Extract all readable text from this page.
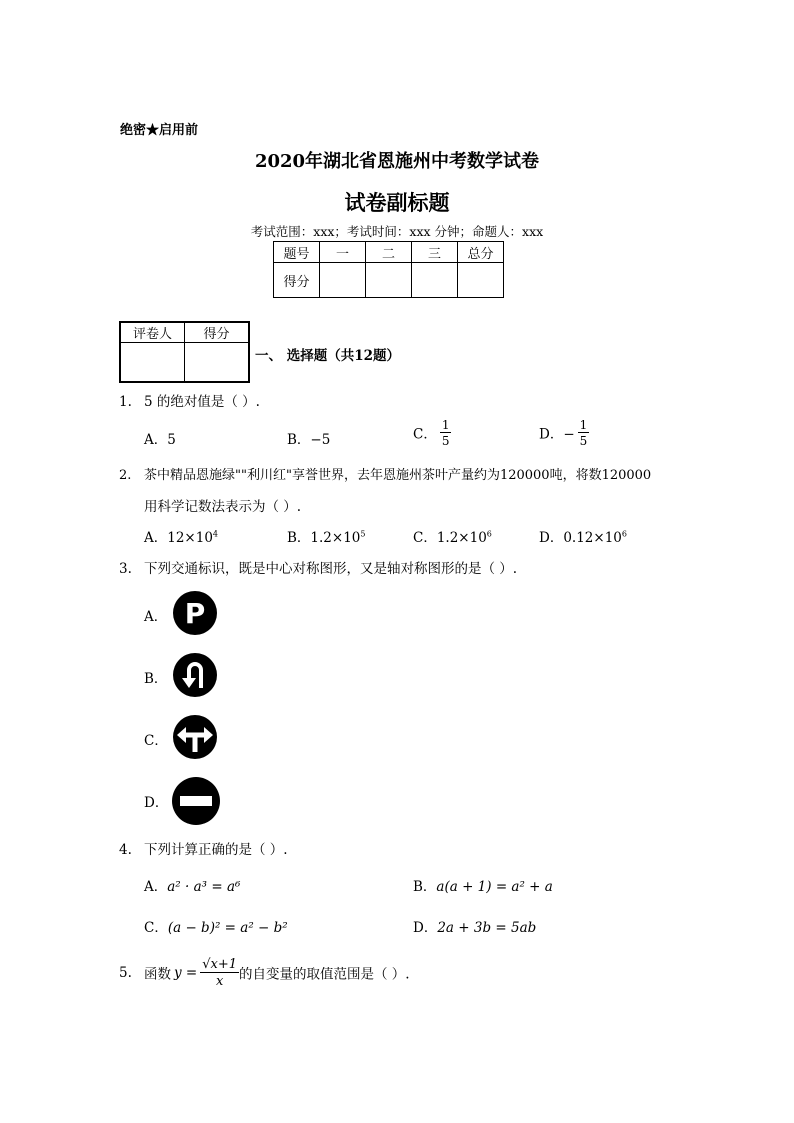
绝密★启用前
2020年湖北省恩施州中考数学试卷
试卷副标题
考试范围：xxx；考试时间：xxx 分钟；命题人：xxx
题号	一	二	三	总分
得分				
评卷人	得分

一、 选择题（共12题）
1. 5 的绝对值是（ ）.
A．5	B．−5	C． $\frac{1}{5}$	D．− $\frac{1}{5}$
2. 茶中精品恩施绿""利川红"享誉世界，去年恩施州茶叶产量约为120000吨，将数120000
用科学记数法表示为（ ）.
A．$12\times 10^4$	B．$1.2\times 10^5$	C．$1.2\times 10^6$	D．$0.12\times 10^6$
3. 下列交通标识，既是中心对称图形，又是轴对称图形的是（ ）.
A． P
B．
C．
D．
4. 下列计算正确的是（ ）.
A．a² · a³ = a⁶	B．a(a + 1) = a² + a
C．(a − b)² = a² − b²	D．2a + 3b = 5ab
5. 函数 $y = \frac{√x+1}{x}$ 的自变量的取值范围是（ ）.
